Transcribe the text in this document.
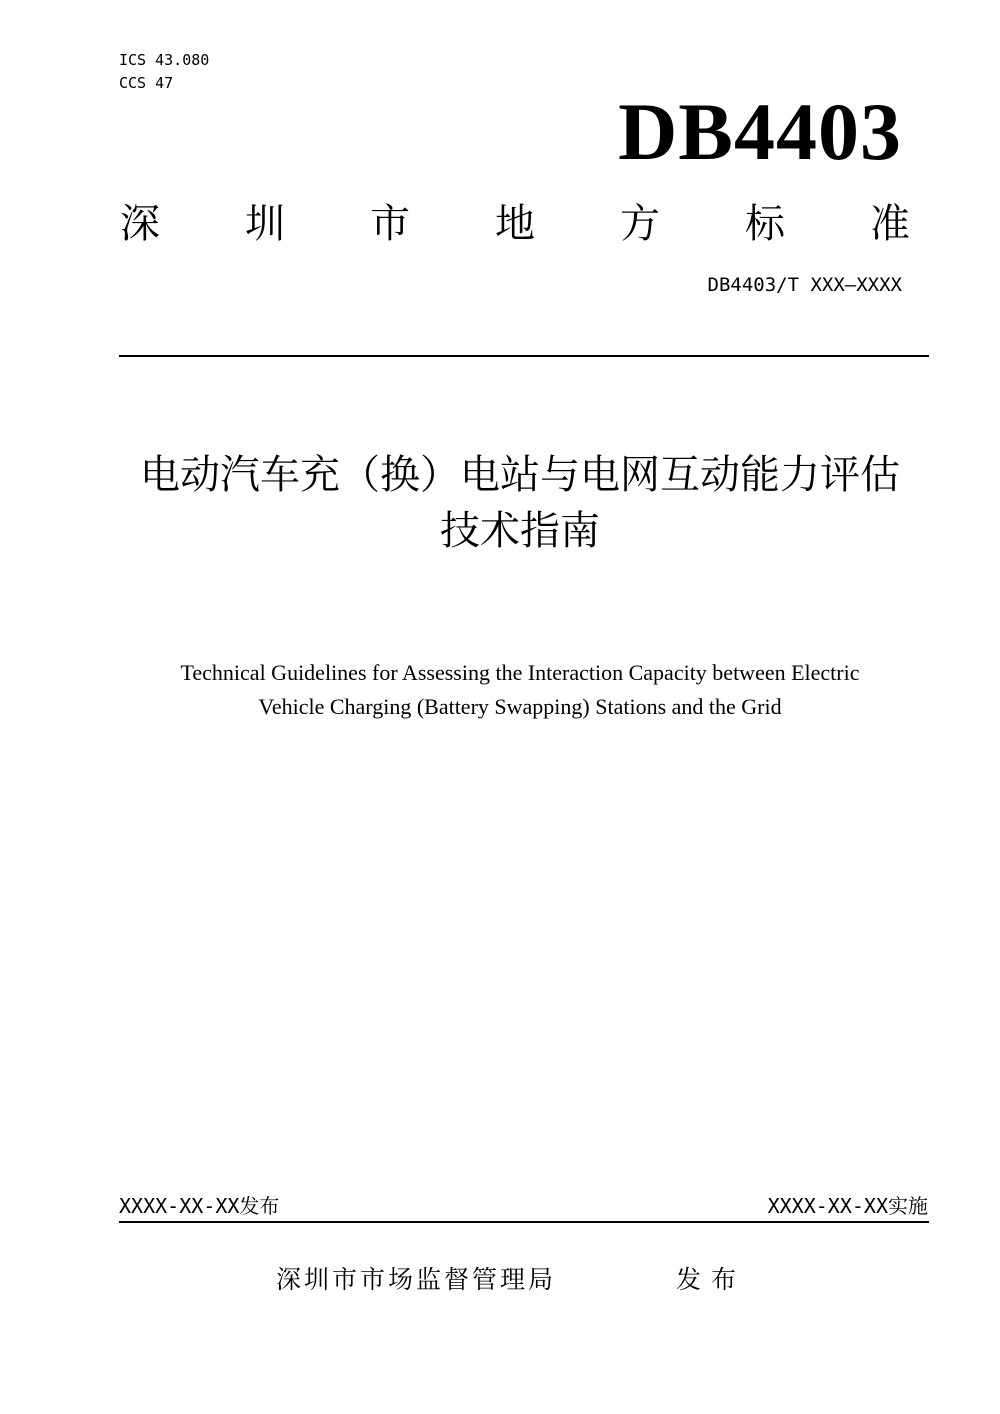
ICS 43.080
CCS 47
DB4403
深 圳 市 地 方 标 准
DB4403/T XXX—XXXX
电动汽车充（换）电站与电网互动能力评估
技术指南
Technical Guidelines for Assessing the Interaction Capacity between Electric
Vehicle Charging (Battery Swapping) Stations and the Grid
XXXX-XX-XX发布	XXXX-XX-XX实施
深圳市市场监督管理局	发布
